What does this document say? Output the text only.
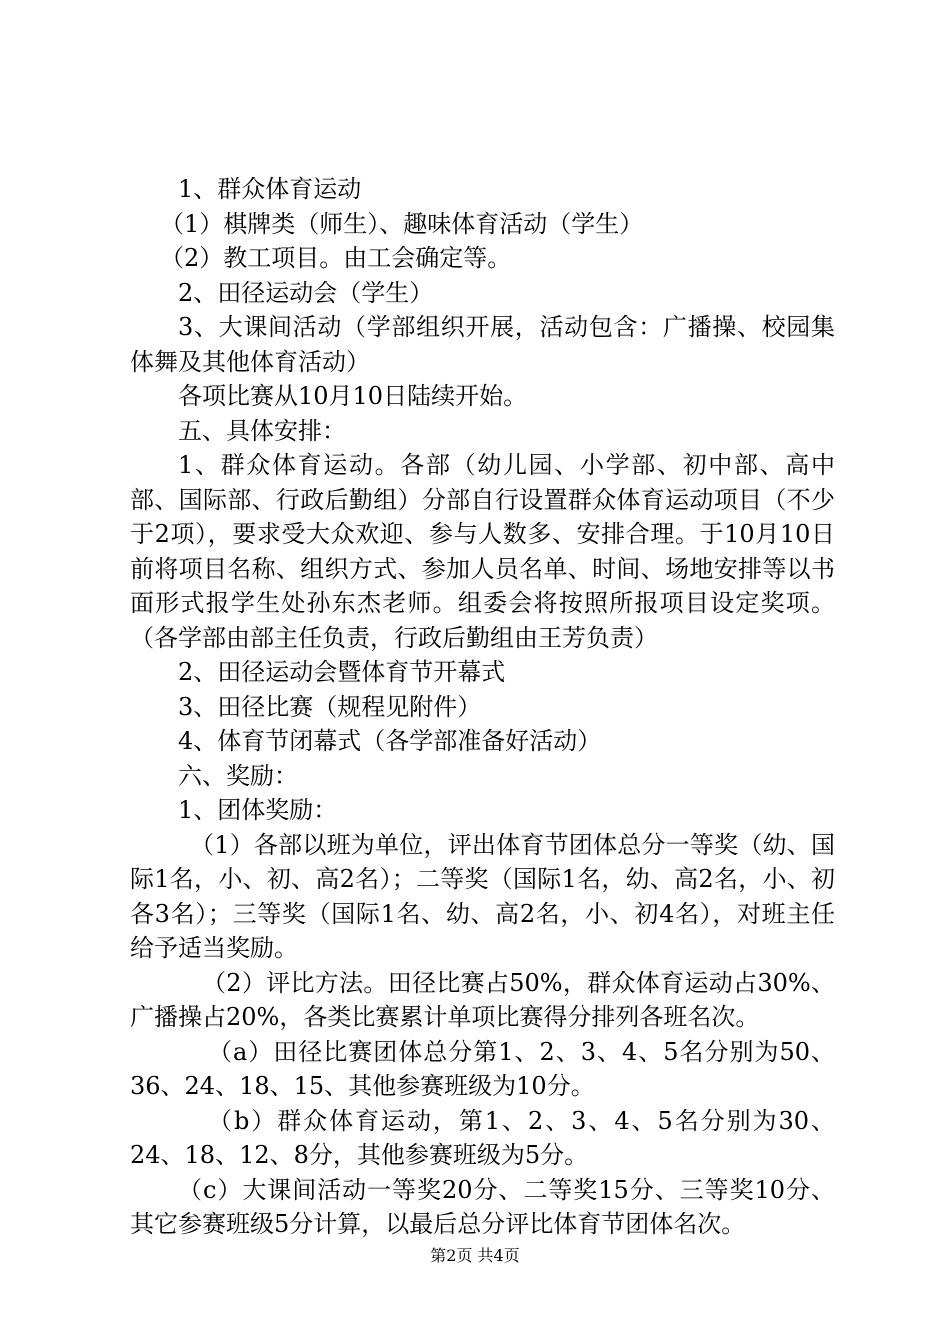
1、群众体育运动

（1）棋牌类（师生）、趣味体育活动（学生）

（2）教工项目。由工会确定等。

2、田径运动会（学生）

3、大课间活动（学部组织开展，活动包含：广播操、校园集体舞及其他体育活动）

各项比赛从10月10日陆续开始。

五、具体安排：

1、群众体育运动。各部（幼儿园、小学部、初中部、高中部、国际部、行政后勤组）分部自行设置群众体育运动项目（不少于2项），要求受大众欢迎、参与人数多、安排合理。于10月10日前将项目名称、组织方式、参加人员名单、时间、场地安排等以书面形式报学生处孙东杰老师。组委会将按照所报项目设定奖项。（各学部由部主任负责，行政后勤组由王芳负责）

2、田径运动会暨体育节开幕式

3、田径比赛（规程见附件）

4、体育节闭幕式（各学部准备好活动）

六、奖励：

1、团体奖励：

（1）各部以班为单位，评出体育节团体总分一等奖（幼、国际1名，小、初、高2名）；二等奖（国际1名，幼、高2名，小、初各3名）；三等奖（国际1名、幼、高2名，小、初4名），对班主任给予适当奖励。

（2）评比方法。田径比赛占50%，群众体育运动占30%、广播操占20%，各类比赛累计单项比赛得分排列各班名次。

（a）田径比赛团体总分第1、2、3、4、5名分别为50、36、24、18、15、其他参赛班级为10分。

（b）群众体育运动，第1、2、3、4、5名分别为30、24、18、12、8分，其他参赛班级为5分。

（c）大课间活动一等奖20分、二等奖15分、三等奖10分、其它参赛班级5分计算，以最后总分评比体育节团体名次。

第2页 共4页
